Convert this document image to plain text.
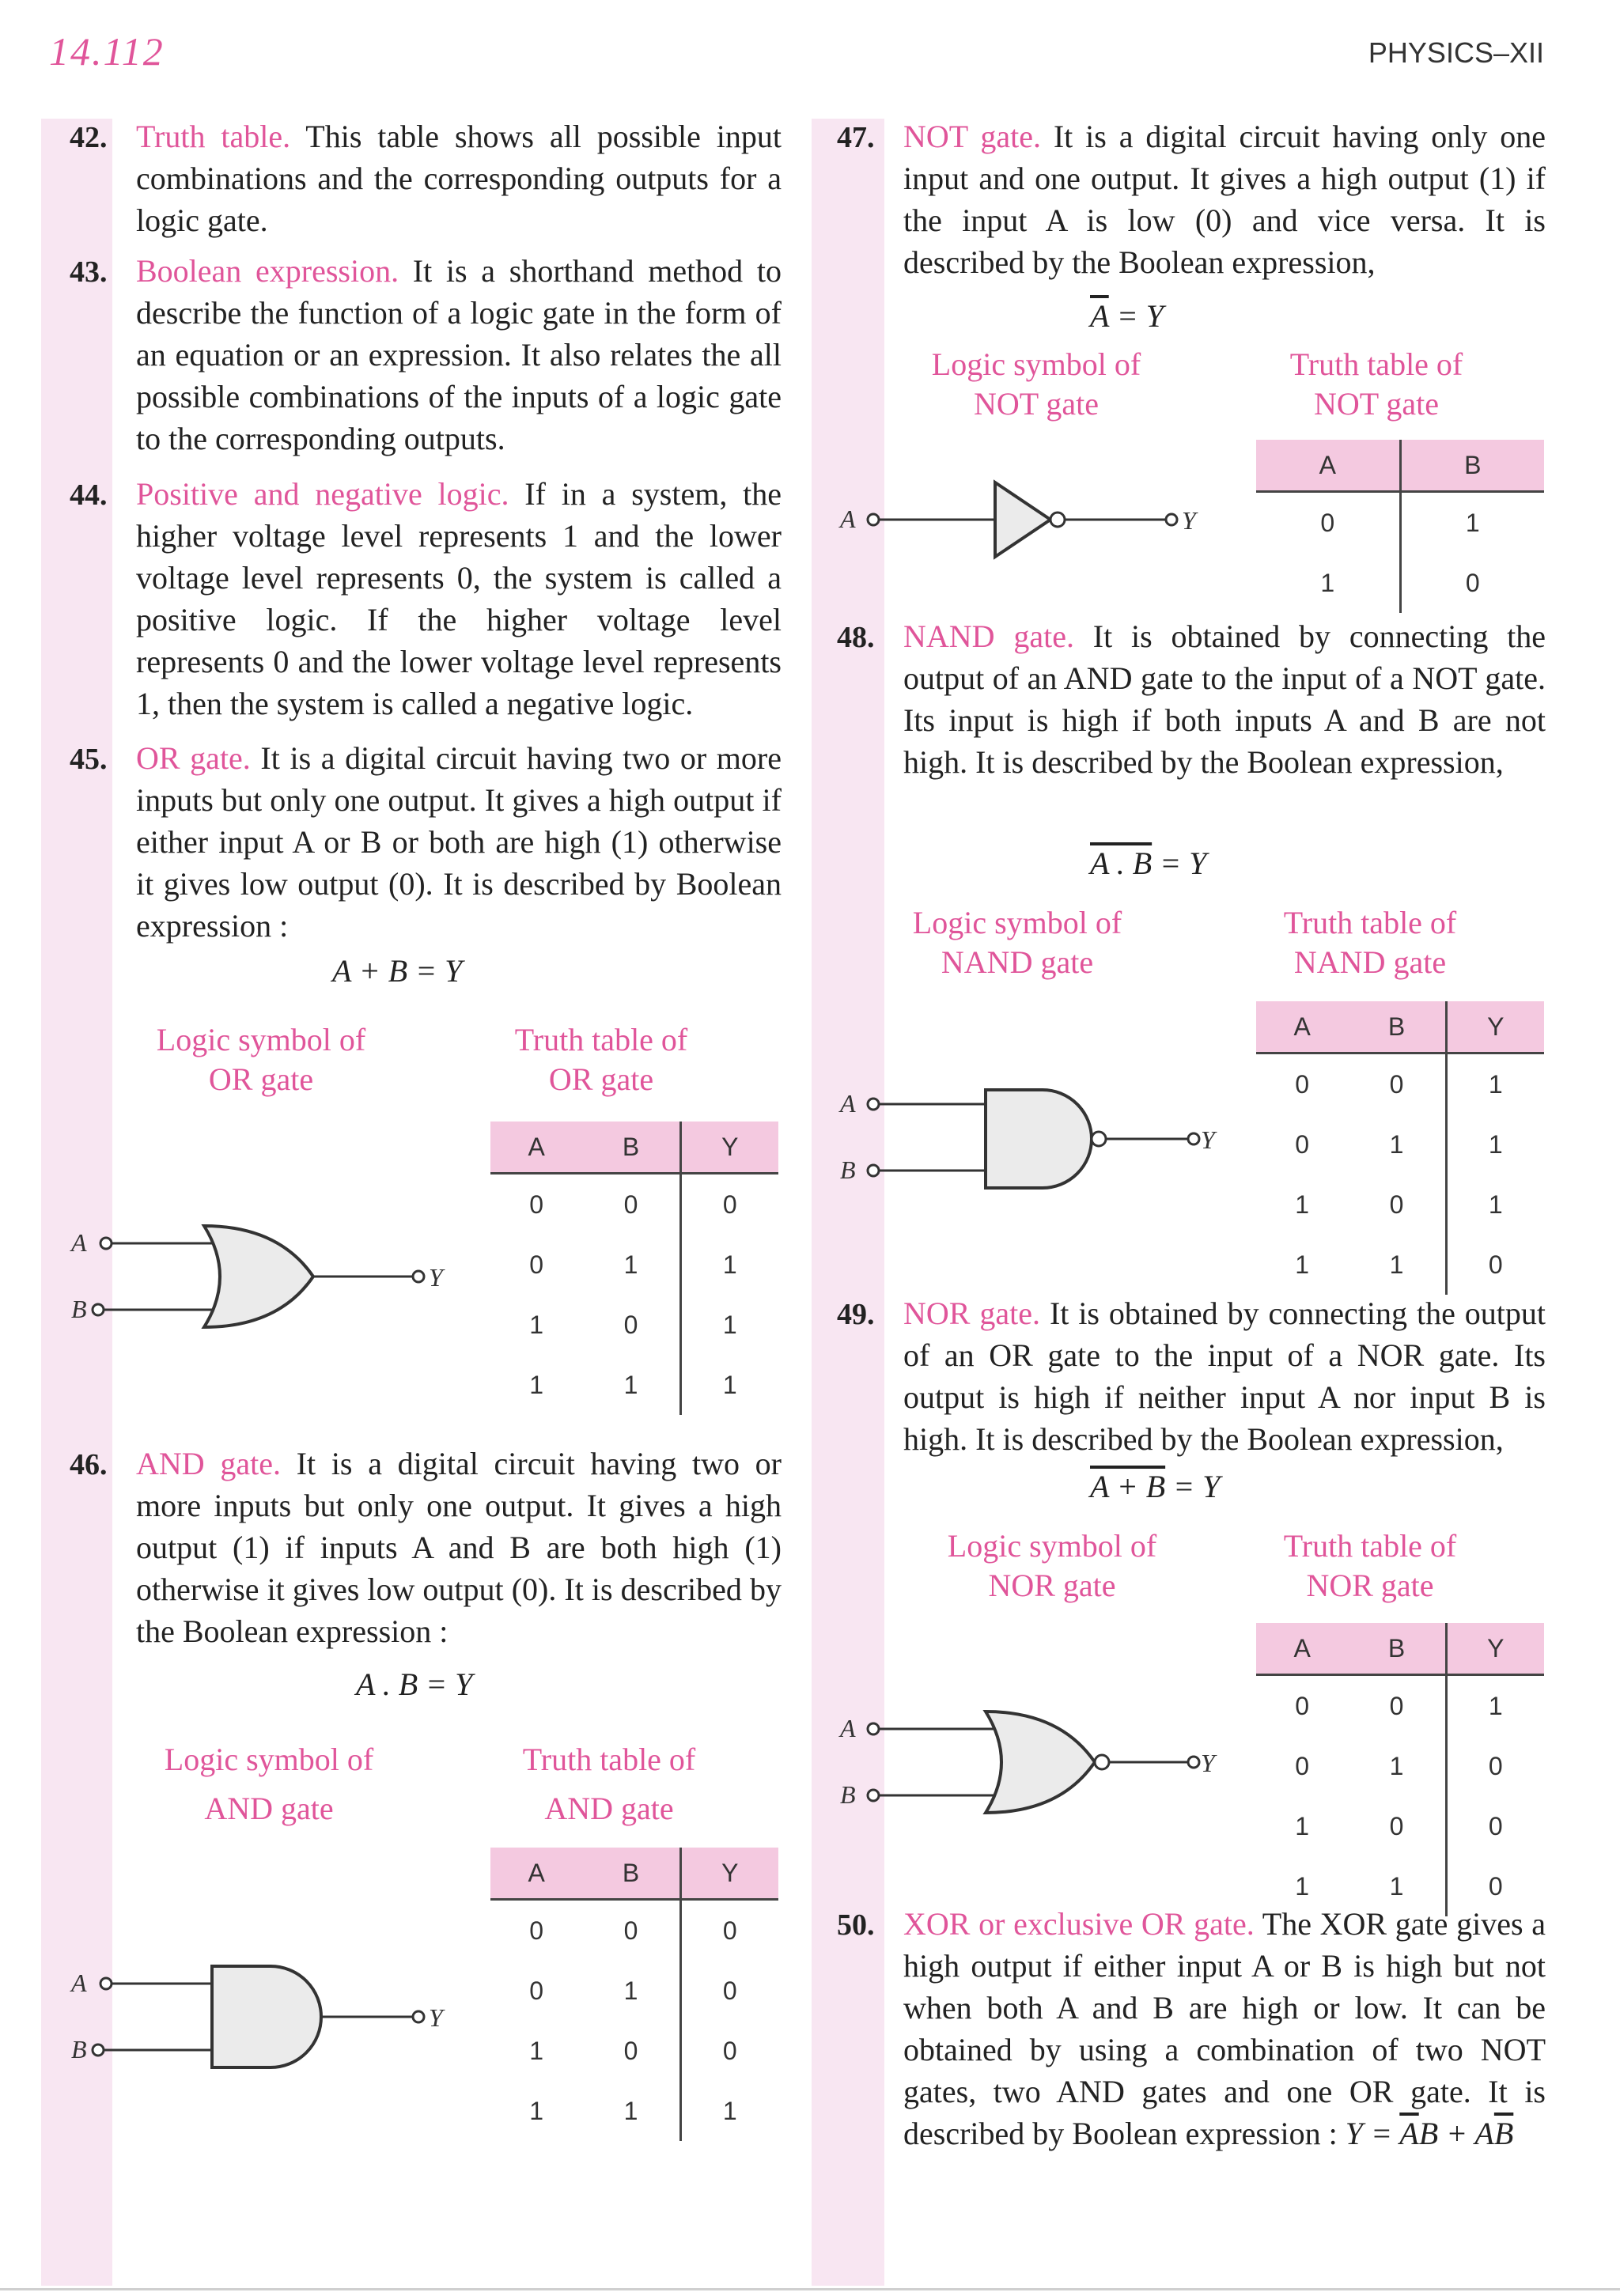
14.112	PHYSICS–XII
42. Truth table. This table shows all possible input combinations and the corresponding outputs for a logic gate.
43. Boolean expression. It is a shorthand method to describe the function of a logic gate in the form of an equation or an expression. It also relates the all possible combinations of the inputs of a logic gate to the corresponding outputs.
44. Positive and negative logic. If in a system, the higher voltage level represents 1 and the lower voltage level represents 0, the system is called a positive logic. If the higher voltage level represents 0 and the lower voltage level represents 1, then the system is called a negative logic.
45. OR gate. It is a digital circuit having two or more inputs but only one output. It gives a high output if either input A or B or both are high (1) otherwise it gives low output (0). It is described by Boolean expression :
A + B = Y
Logic symbol of
OR gate
Truth table of
OR gate
A
B
Y
A	B	Y
0	0	0
0	1	1
1	0	1
1	1	1
46. AND gate. It is a digital circuit having two or more inputs but only one output. It gives a high output (1) if inputs A and B are both high (1) otherwise it gives low output (0). It is described by the Boolean expression :
A . B = Y
Logic symbol of
AND gate
Truth table of
AND gate
A
B
Y
A	B	Y
0	0	0
0	1	0
1	0	0
1	1	1
47. NOT gate. It is a digital circuit having only one input and one output. It gives a high output (1) if the input A is low (0) and vice versa. It is described by the Boolean expression,
$\overline{A} = Y$
Logic symbol of
NOT gate
Truth table of
NOT gate
A	Y
A	B
0	1
1	0
48. NAND gate. It is obtained by connecting the output of an AND gate to the input of a NOT gate. Its input is high if both inputs A and B are not high. It is described by the Boolean expression,
A . B = Y
Logic symbol of
NAND gate
Truth table of
NAND gate
A
B
Y
A	B	Y
0	0	1
0	1	1
1	0	1
1	1	0
49. NOR gate. It is obtained by connecting the output of an OR gate to the input of a NOR gate. Its output is high if neither input A nor input B is high. It is described by the Boolean expression,
A + B = Y
Logic symbol of
NOR gate
Truth table of
NOR gate
A
B
Y
A	B	Y
0	0	1
0	1	0
1	0	0
1	1	0
50. XOR or exclusive OR gate. The XOR gate gives a high output if either input A or B is high but not when both A and B are high or low. It can be obtained by using a combination of two NOT gates, two AND gates and one OR gate. It is described by Boolean expression : $Y = \overline{A}B + A\overline{B}$
